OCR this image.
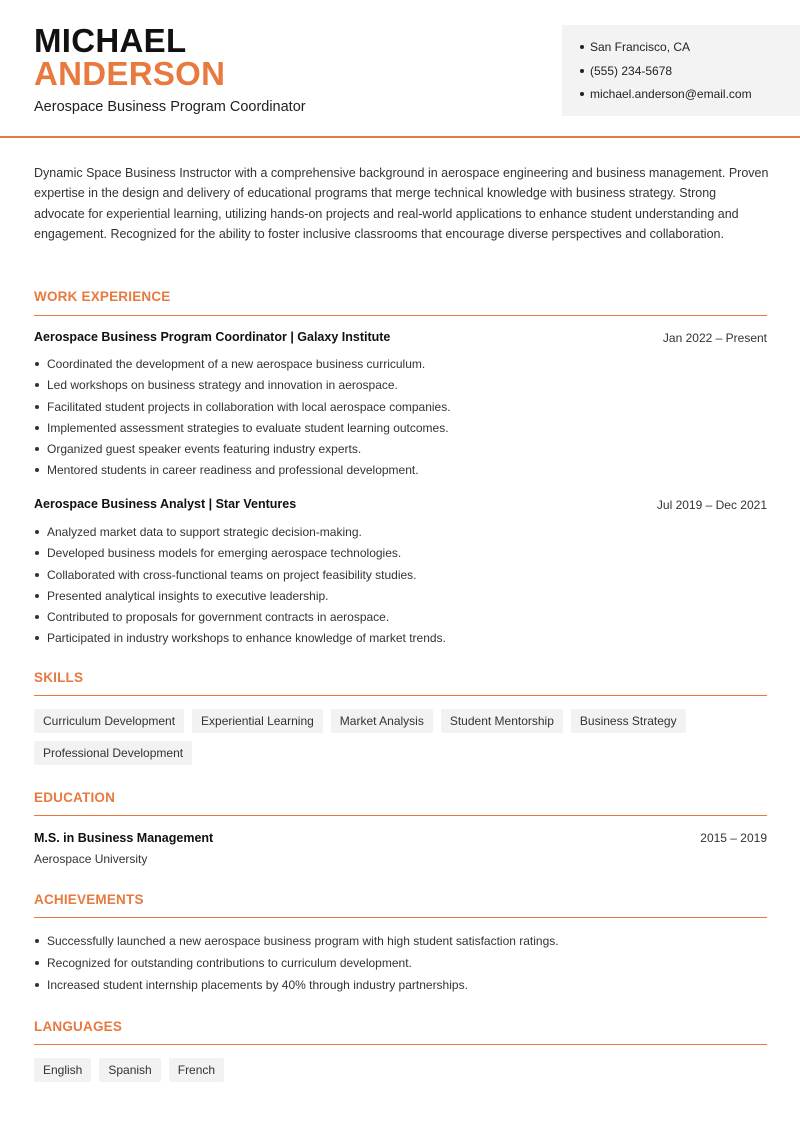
MICHAEL
ANDERSON
Aerospace Business Program Coordinator
San Francisco, CA
(555) 234-5678
michael.anderson@email.com

Dynamic Space Business Instructor with a comprehensive background in aerospace engineering and business management. Proven expertise in the design and delivery of educational programs that merge technical knowledge with business strategy. Strong advocate for experiential learning, utilizing hands-on projects and real-world applications to enhance student understanding and engagement. Recognized for the ability to foster inclusive classrooms that encourage diverse perspectives and collaboration.

WORK EXPERIENCE
Aerospace Business Program Coordinator | Galaxy Institute	Jan 2022 – Present
Coordinated the development of a new aerospace business curriculum.
Led workshops on business strategy and innovation in aerospace.
Facilitated student projects in collaboration with local aerospace companies.
Implemented assessment strategies to evaluate student learning outcomes.
Organized guest speaker events featuring industry experts.
Mentored students in career readiness and professional development.
Aerospace Business Analyst | Star Ventures	Jul 2019 – Dec 2021
Analyzed market data to support strategic decision-making.
Developed business models for emerging aerospace technologies.
Collaborated with cross-functional teams on project feasibility studies.
Presented analytical insights to executive leadership.
Contributed to proposals for government contracts in aerospace.
Participated in industry workshops to enhance knowledge of market trends.
SKILLS
Curriculum Development	Experiential Learning	Market Analysis	Student Mentorship	Business Strategy
Professional Development
EDUCATION
M.S. in Business Management	2015 – 2019
Aerospace University
ACHIEVEMENTS
Successfully launched a new aerospace business program with high student satisfaction ratings.
Recognized for outstanding contributions to curriculum development.
Increased student internship placements by 40% through industry partnerships.
LANGUAGES
English	Spanish	French
